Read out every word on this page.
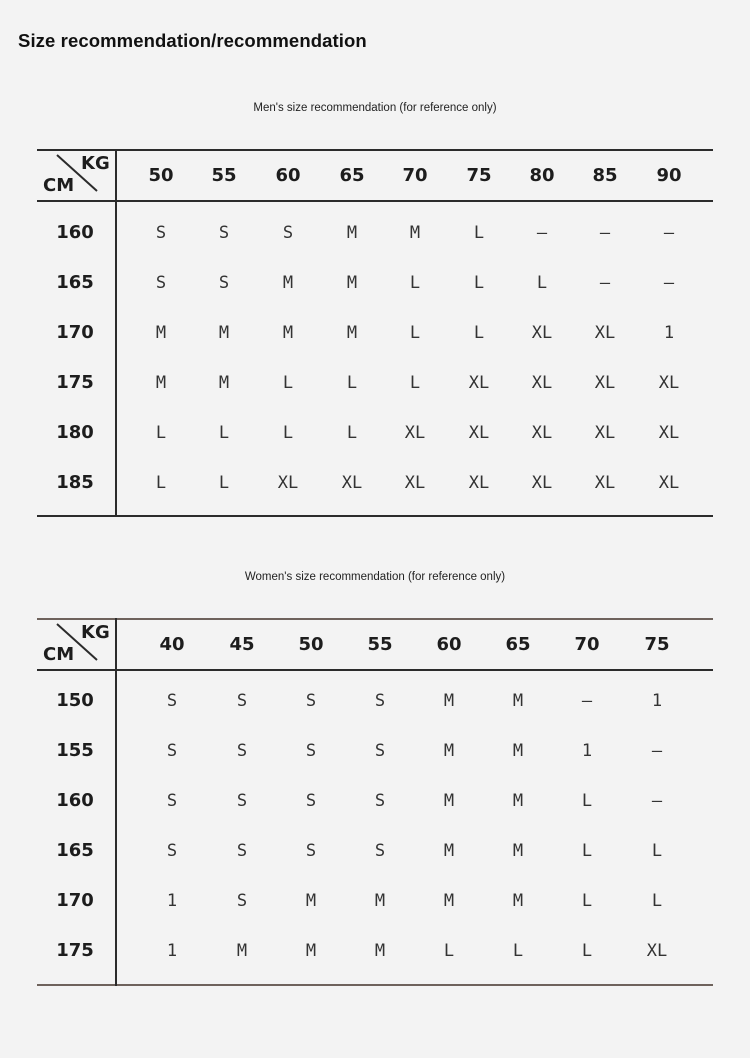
Size recommendation/recommendation
Men's size recommendation (for reference only)
KG
CM	50 55 60 65 70 75 80 85 90
160	S	S	S	M	M	L	—	—	—
165	S	S	M	M	L	L	L	—	—
170	M	M	M	M	L	L	XL	XL	1
175	M	M	L	L	L	XL	XL	XL	XL
180	L	L	L	L	XL	XL	XL	XL	XL
185	L	L	XL	XL	XL	XL	XL	XL	XL
Women's size recommendation (for reference only)
KG
CM	40 45 50 55 60 65 70 75
150	S	S	S	S	M	M	—	1
155	S	S	S	S	M	M	1	—
160	S	S	S	S	M	M	L	—
165	S	S	S	S	M	M	L	L
170	1	S	M	M	M	M	L	L
175	1	M	M	M	L	L	L	XL
